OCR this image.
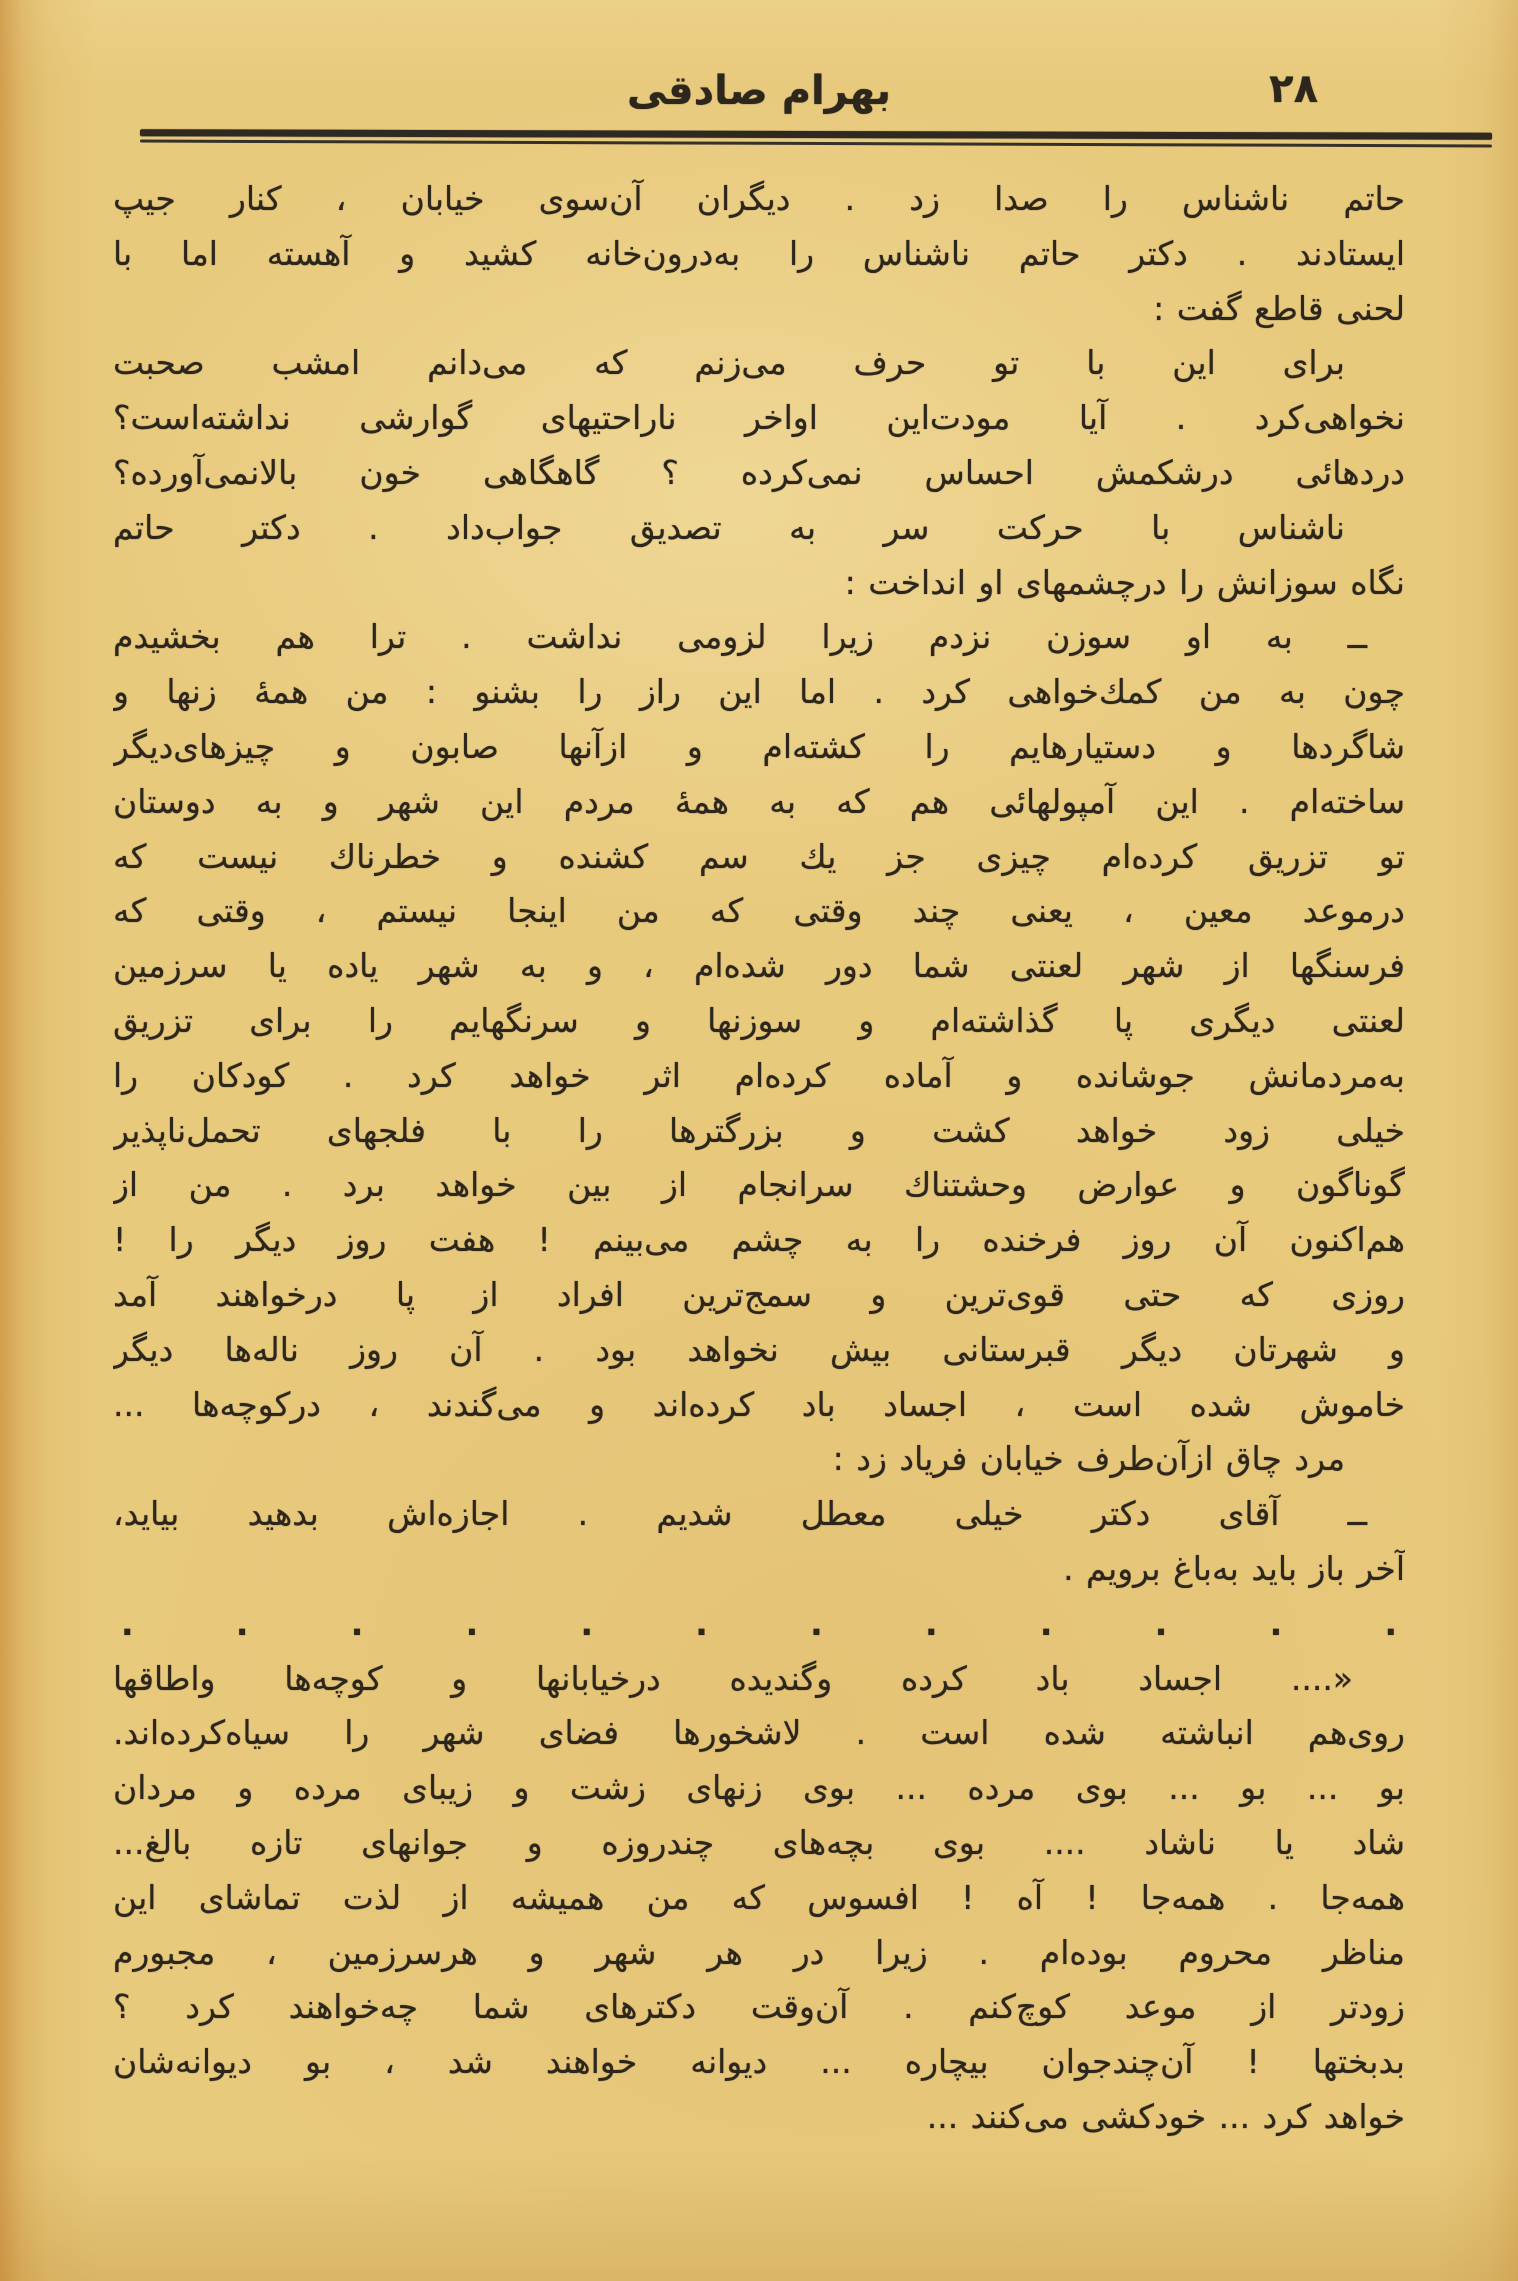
۲۸
بهرام صادقی
حاتم ناشناس را صدا زد . دیگران آن‌سوی خیابان ، کنار جیپ
ایستادند . دکتر حاتم ناشناس را به‌درون‌خانه کشید و آهسته اما با
لحنی قاطع گفت :
برای این با تو حرف می‌زنم که می‌دانم امشب صحبت
نخواهی‌کرد . آیا مودت‌این اواخر ناراحتیهای گوارشی نداشته‌است؟
دردهائی درشکمش احساس نمی‌کرده ؟ گاهگاهی خون بالانمی‌آورده؟
ناشناس با حرکت سر به تصدیق جواب‌داد . دکتر حاتم
نگاه سوزانش را درچشمهای او انداخت :
ــ به او سوزن نزدم زیرا لزومی نداشت . ترا هم بخشیدم
چون به من کمك‌خواهی کرد . اما این راز را بشنو : من همهٔ زنها و
شاگردها و دستیارهایم را کشته‌ام و ازآنها صابون و چیزهای‌دیگر
ساخته‌ام . این آمپولهائی هم که به همهٔ مردم این شهر و به دوستان
تو تزریق کرده‌ام چیزی جز یك سم کشنده و خطرناك نیست که
درموعد معین ، یعنی چند وقتی که من اینجا نیستم ، وقتی که
فرسنگها از شهر لعنتی شما دور شده‌ام ، و به شهر یاده یا سرزمین
لعنتی دیگری پا گذاشته‌ام و سوزنها و سرنگهایم را برای تزریق
به‌مردمانش جوشانده و آماده کرده‌ام اثر خواهد کرد . کودکان را
خیلی زود خواهد کشت و بزرگترها را با فلجهای تحمل‌ناپذیر
گوناگون و عوارض وحشتناك سرانجام از بین خواهد برد . من از
هم‌اکنون آن روز فرخنده را به چشم می‌بینم ! هفت روز دیگر را !
روزی که حتی قوی‌ترین و سمج‌ترین افراد از پا درخواهند آمد
و شهرتان دیگر قبرستانی بیش نخواهد بود . آن روز ناله‌ها دیگر
خاموش شده است ، اجساد باد کرده‌اند و می‌گندند ، درکوچه‌ها ...
مرد چاق ازآن‌طرف خیابان فریاد زد :
ــ آقای دکتر خیلی معطل شدیم . اجازه‌اش بدهید بیاید،
آخر باز باید به‌باغ برویم .
.
.
.
.
.
.
.
.
.
.
.
.
«.... اجساد باد کرده وگندیده درخیابانها و کوچه‌ها واطاقها
روی‌هم انباشته شده است . لاشخورها فضای شهر را سیاه‌کرده‌اند.
بو ... بو ... بوی مرده ... بوی زنهای زشت و زیبای مرده و مردان
شاد یا ناشاد .... بوی بچه‌های چندروزه و جوانهای تازه بالغ...
همه‌جا . همه‌جا ! آه ! افسوس که من همیشه از لذت تماشای این
مناظر محروم بوده‌ام . زیرا در هر شهر و هرسرزمین ، مجبورم
زودتر از موعد کوچ‌کنم . آن‌وقت دکترهای شما چه‌خواهند کرد ؟
بدبختها ! آن‌چندجوان بیچاره ... دیوانه خواهند شد ، بو دیوانه‌شان
خواهد کرد ... خودکشی می‌کنند ...
